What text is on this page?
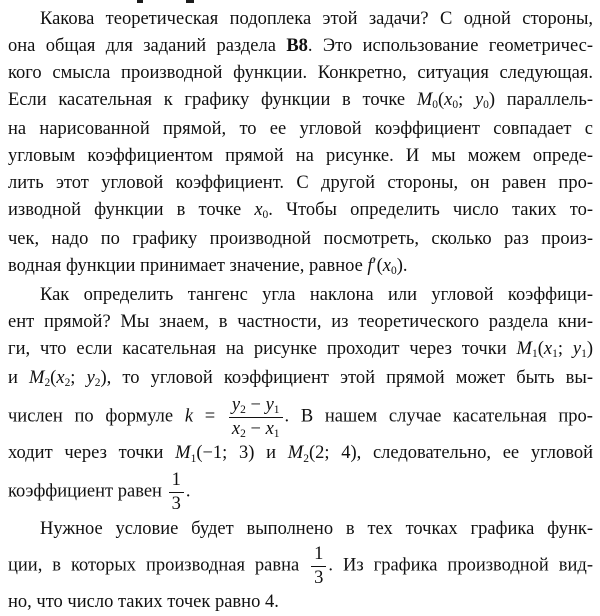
Какова теоретическая подоплека этой задачи? С одной стороны,
она общая для заданий раздела В8. Это использование геометричес-
кого смысла производной функции. Конкретно, ситуация следующая.
Если касательная к графику функции в точке M0(x0; y0) параллель-
на нарисованной прямой, то ее угловой коэффициент совпадает с
угловым коэффициентом прямой на рисунке. И мы можем опреде-
лить этот угловой коэффициент. С другой стороны, он равен про-
изводной функции в точке x0. Чтобы определить число таких то-
чек, надо по графику производной посмотреть, сколько раз произ-
водная функции принимает значение, равное f′(x0).
Как определить тангенс угла наклона или угловой коэффици-
ент прямой? Мы знаем, в частности, из теоретического раздела кни-
ги, что если касательная на рисунке проходит через точки M1(x1; y1)
и M2(x2; y2), то угловой коэффициент этой прямой может быть вы-
числен по формуле $k = \frac{y2 - y1}{x2 - x1}$ . В нашем случае касательная про-
ходит через точки M1(−1; 3) и M2(2; 4), следовательно, ее угловой
коэффициент равен $\frac{1}{3}$ .
Нужное условие будет выполнено в тех точках графика функ-
ции, в которых производная равна $\frac{1}{3}$ . Из графика производной вид-
но, что число таких точек равно 4.
